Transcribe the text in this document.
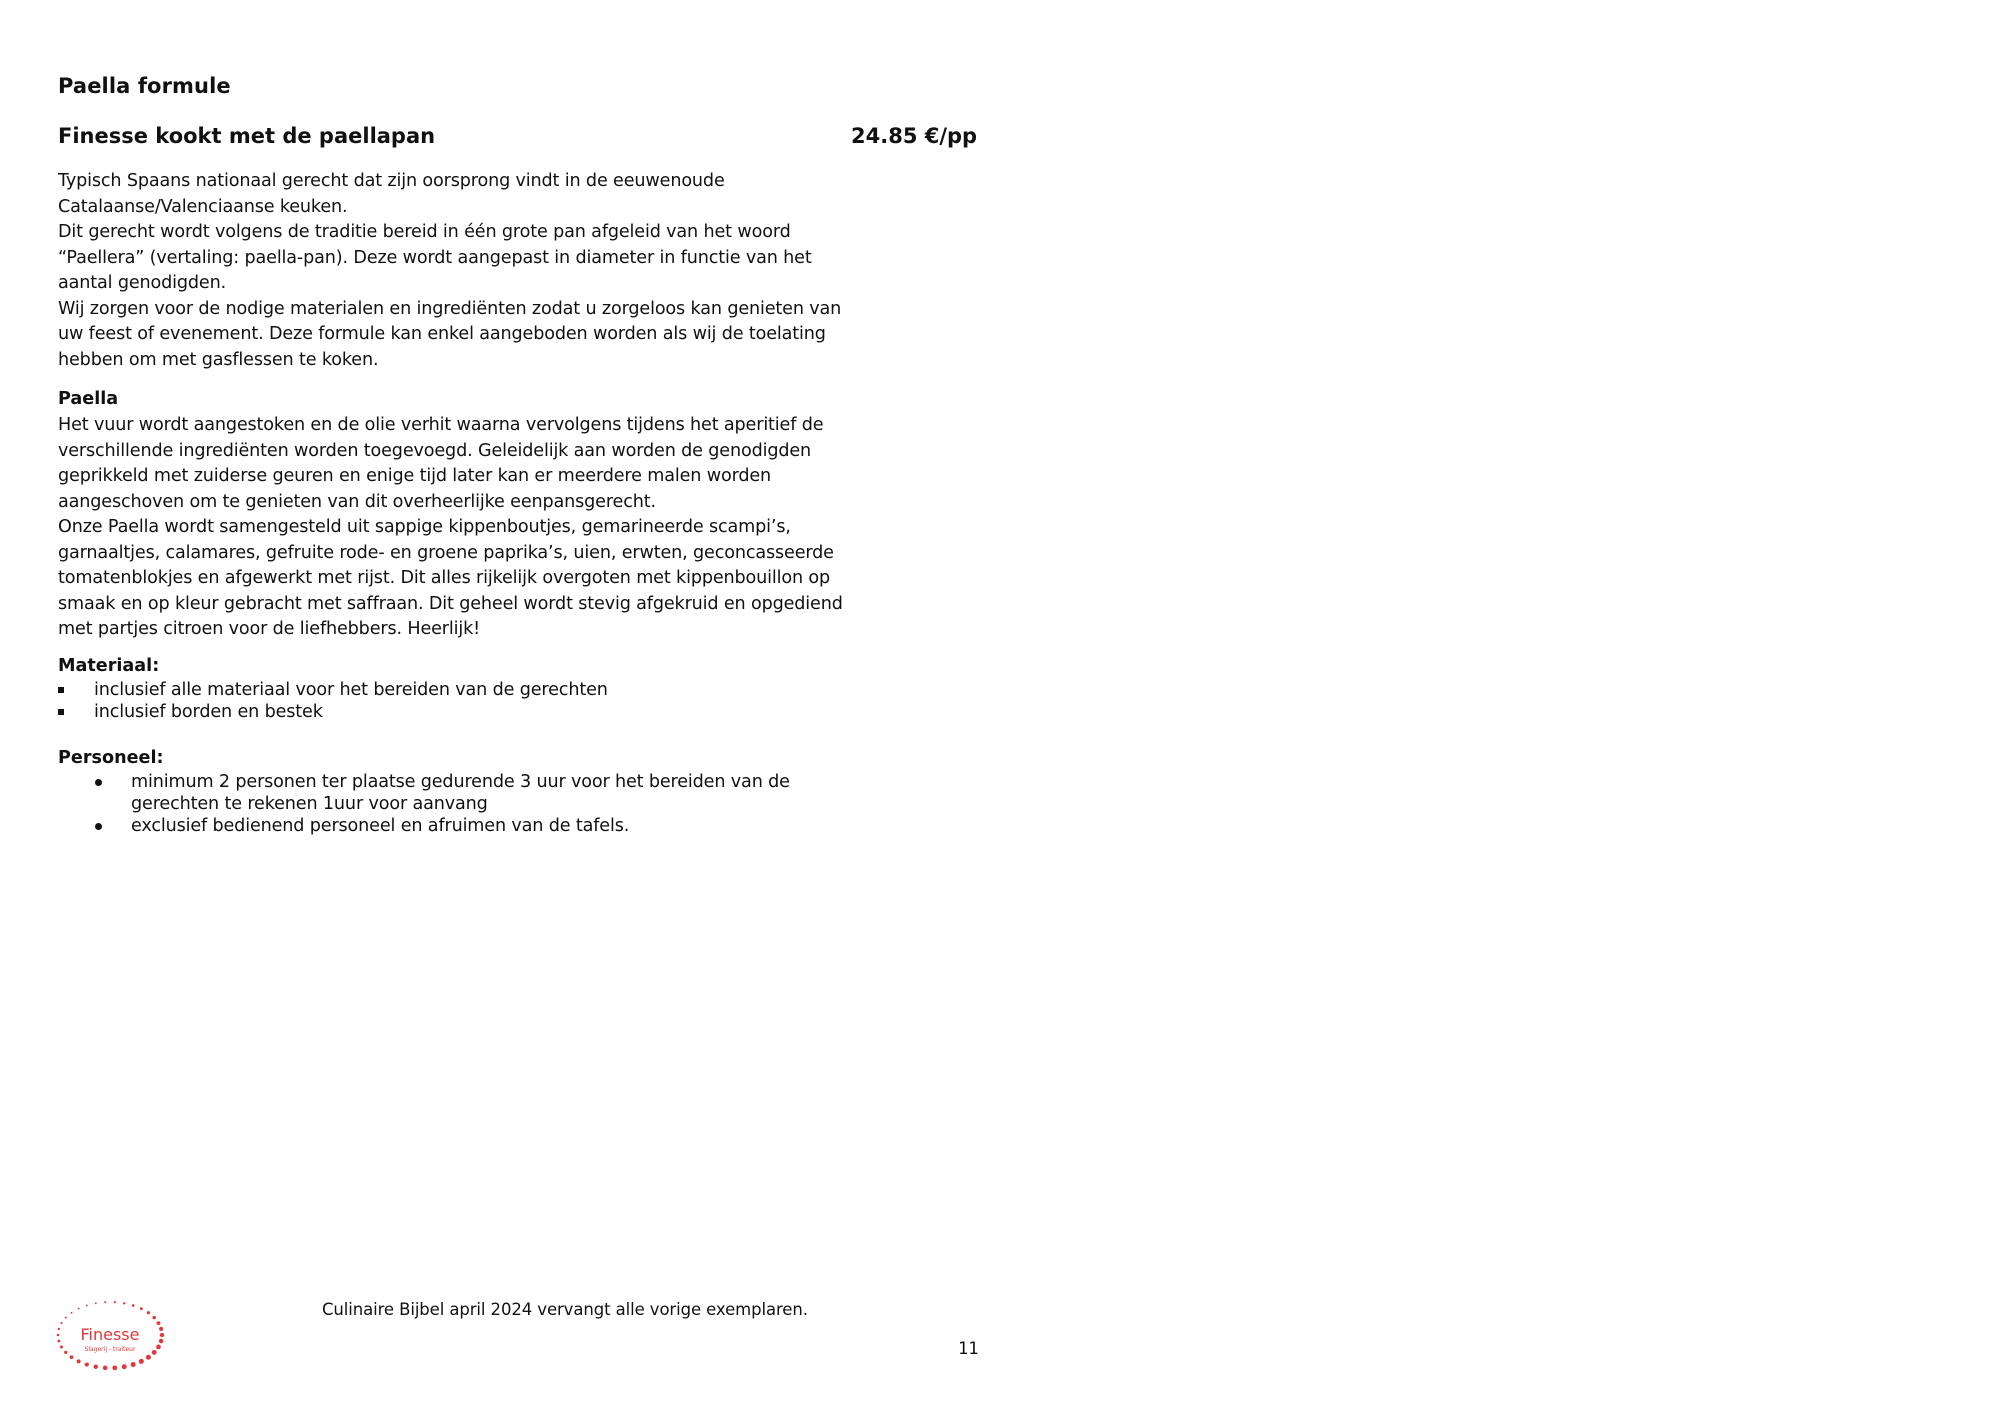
Paella formule
Finesse kookt met de paellapan	24.85 €/pp
Typisch Spaans nationaal gerecht dat zijn oorsprong vindt in de eeuwenoude
Catalaanse/Valenciaanse keuken.
Dit gerecht wordt volgens de traditie bereid in één grote pan afgeleid van het woord
“Paellera” (vertaling: paella-pan). Deze wordt aangepast in diameter in functie van het
aantal genodigden.
Wij zorgen voor de nodige materialen en ingrediënten zodat u zorgeloos kan genieten van
uw feest of evenement. Deze formule kan enkel aangeboden worden als wij de toelating
hebben om met gasflessen te koken.
Paella
Het vuur wordt aangestoken en de olie verhit waarna vervolgens tijdens het aperitief de
verschillende ingrediënten worden toegevoegd. Geleidelijk aan worden de genodigden
geprikkeld met zuiderse geuren en enige tijd later kan er meerdere malen worden
aangeschoven om te genieten van dit overheerlijke eenpansgerecht.
Onze Paella wordt samengesteld uit sappige kippenboutjes, gemarineerde scampi’s,
garnaaltjes, calamares, gefruite rode- en groene paprika’s, uien, erwten, geconcasseerde
tomatenblokjes en afgewerkt met rijst. Dit alles rijkelijk overgoten met kippenbouillon op
smaak en op kleur gebracht met saffraan. Dit geheel wordt stevig afgekruid en opgediend
met partjes citroen voor de liefhebbers. Heerlijk!
Materiaal:
inclusief alle materiaal voor het bereiden van de gerechten
inclusief borden en bestek
Personeel:
minimum 2 personen ter plaatse gedurende 3 uur voor het bereiden van de
gerechten te rekenen 1uur voor aanvang
exclusief bedienend personeel en afruimen van de tafels.
Finesse
Slagerij - traiteur
Culinaire Bijbel april 2024 vervangt alle vorige exemplaren.
11
